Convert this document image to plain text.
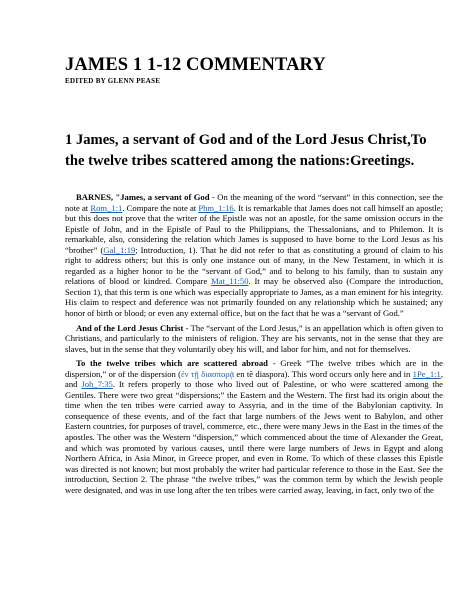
JAMES 1 1-12 COMMENTARY
EDITED BY GLENN PEASE
1 James, a servant of God and of the Lord Jesus Christ,To the twelve tribes scattered among the nations:Greetings.

BARNES, "James, a servant of God - On the meaning of the word “servant” in this connection, see the note at Rom_1:1. Compare the note at Phm_1:16. It is remarkable that James does not call himself an apostle; but this does not prove that the writer of the Epistle was not an apostle, for the same omission occurs in the Epistle of John, and in the Epistle of Paul to the Philippians, the Thessalonians, and to Philemon. It is remarkable, also, considering the relation which James is supposed to have borne to the Lord Jesus as his “brother” (Gal_1:19; Introduction, 1). That he did not refer to that as constituting a ground of claim to his right to address others; but this is only one instance out of many, in the New Testament, in which it is regarded as a higher honor to be the “servant of God,” and to belong to his family, than to sustain any relations of blood or kindred. Compare Mat_11:50. It may be observed also (Compare the introduction, Section 1), that this term is one which was especially appropriate to James, as a man eminent for his integrity. His claim to respect and deference was not primarily founded on any relationship which he sustained; any honor of birth or blood; or even any external office, but on the fact that he was a “servant of God.”

And of the Lord Jesus Christ - The “servant of the Lord Jesus,” is an appellation which is often given to Christians, and particularly to the ministers of religion. They are his servants, not in the sense that they are slaves, but in the sense that they voluntarily obey his will, and labor for him, and not for themselves.

To the twelve tribes which are scattered abroad - Greek “The twelve tribes which are in the dispersion,” or of the dispersion (ἐν τῇ διασπορᾷ en tē diaspora). This word occurs only here and in 1Pe_1:1, and Joh_7:35. It refers properly to those who lived out of Palestine, or who were scattered among the Gentiles. There were two great “dispersions;” the Eastern and the Western. The first had its origin about the time when the ten tribes were carried away to Assyria, and in the time of the Babylonian captivity. In consequence of these events, and of the fact that large numbers of the Jews went to Babylon, and other Eastern countries, for purposes of travel, commerce, etc., there were many Jews in the East in the times of the apostles. The other was the Western “dispersion,” which commenced about the time of Alexander the Great, and which was promoted by various causes, until there were large numbers of Jews in Egypt and along Northern Africa, in Asia Minor, in Greece proper, and even in Rome. To which of these classes this Epistle was directed is not known; but most probably the writer had particular reference to those in the East. See the introduction, Section 2. The phrase “the twelve tribes,” was the common term by which the Jewish people were designated, and was in use long after the ten tribes were carried away, leaving, in fact, only two of the
